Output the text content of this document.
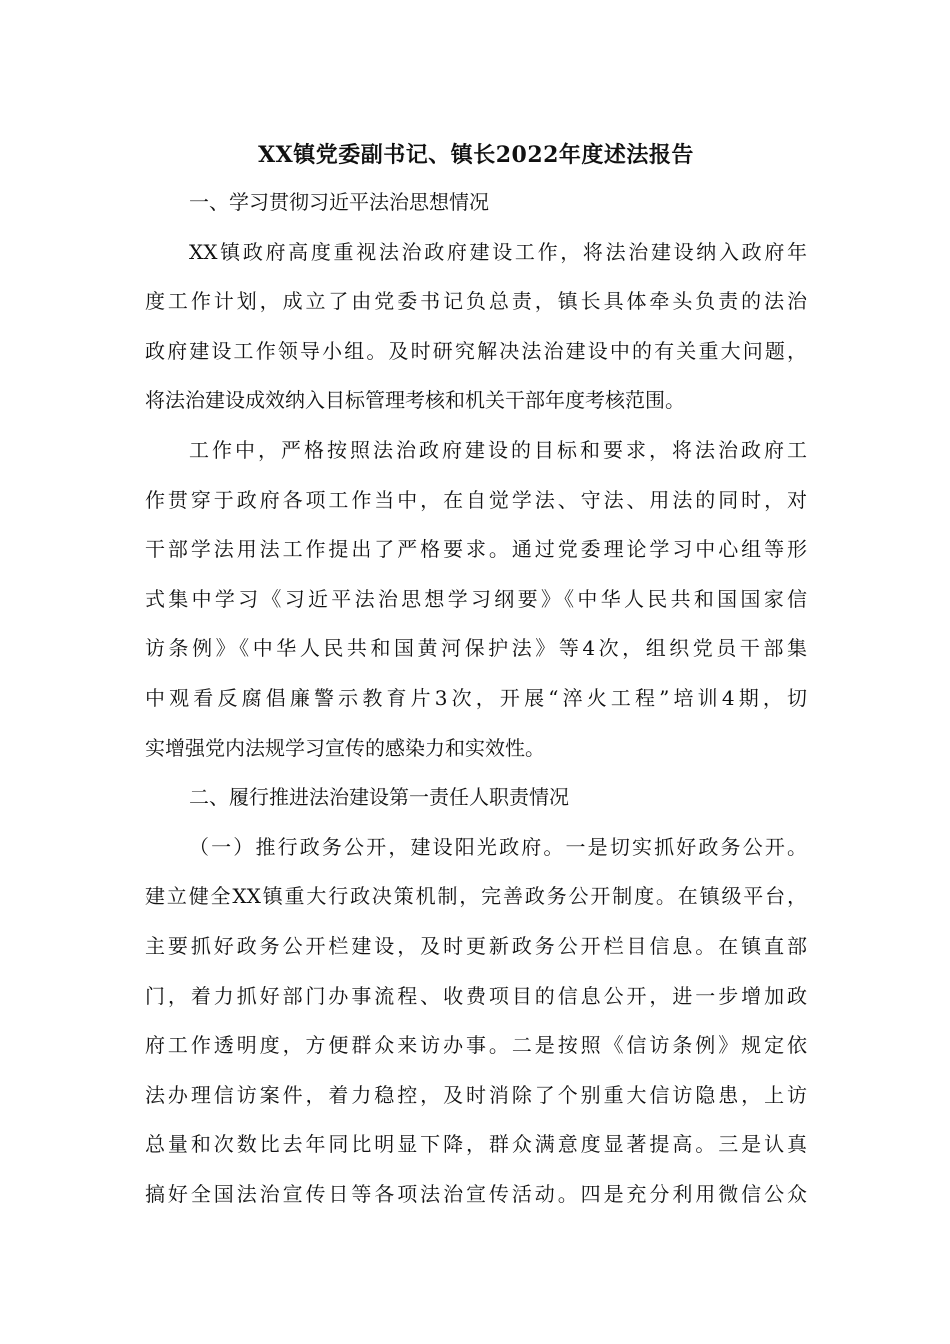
XX镇党委副书记、镇长2022年度述法报告
一、学习贯彻习近平法治思想情况
XX镇政府高度重视法治政府建设工作，将法治建设纳入政府年
度工作计划，成立了由党委书记负总责，镇长具体牵头负责的法治
政府建设工作领导小组。及时研究解决法治建设中的有关重大问题，
将法治建设成效纳入目标管理考核和机关干部年度考核范围。
工作中，严格按照法治政府建设的目标和要求，将法治政府工
作贯穿于政府各项工作当中，在自觉学法、守法、用法的同时，对
干部学法用法工作提出了严格要求。通过党委理论学习中心组等形
式集中学习《习近平法治思想学习纲要》《中华人民共和国国家信
访条例》《中华人民共和国黄河保护法》等4次，组织党员干部集
中观看反腐倡廉警示教育片3次，开展“淬火工程”培训4期，切
实增强党内法规学习宣传的感染力和实效性。
二、履行推进法治建设第一责任人职责情况
（一）推行政务公开，建设阳光政府。一是切实抓好政务公开。
建立健全XX镇重大行政决策机制，完善政务公开制度。在镇级平台，
主要抓好政务公开栏建设，及时更新政务公开栏目信息。在镇直部
门，着力抓好部门办事流程、收费项目的信息公开，进一步增加政
府工作透明度，方便群众来访办事。二是按照《信访条例》规定依
法办理信访案件，着力稳控，及时消除了个别重大信访隐患，上访
总量和次数比去年同比明显下降，群众满意度显著提高。三是认真
搞好全国法治宣传日等各项法治宣传活动。四是充分利用微信公众
